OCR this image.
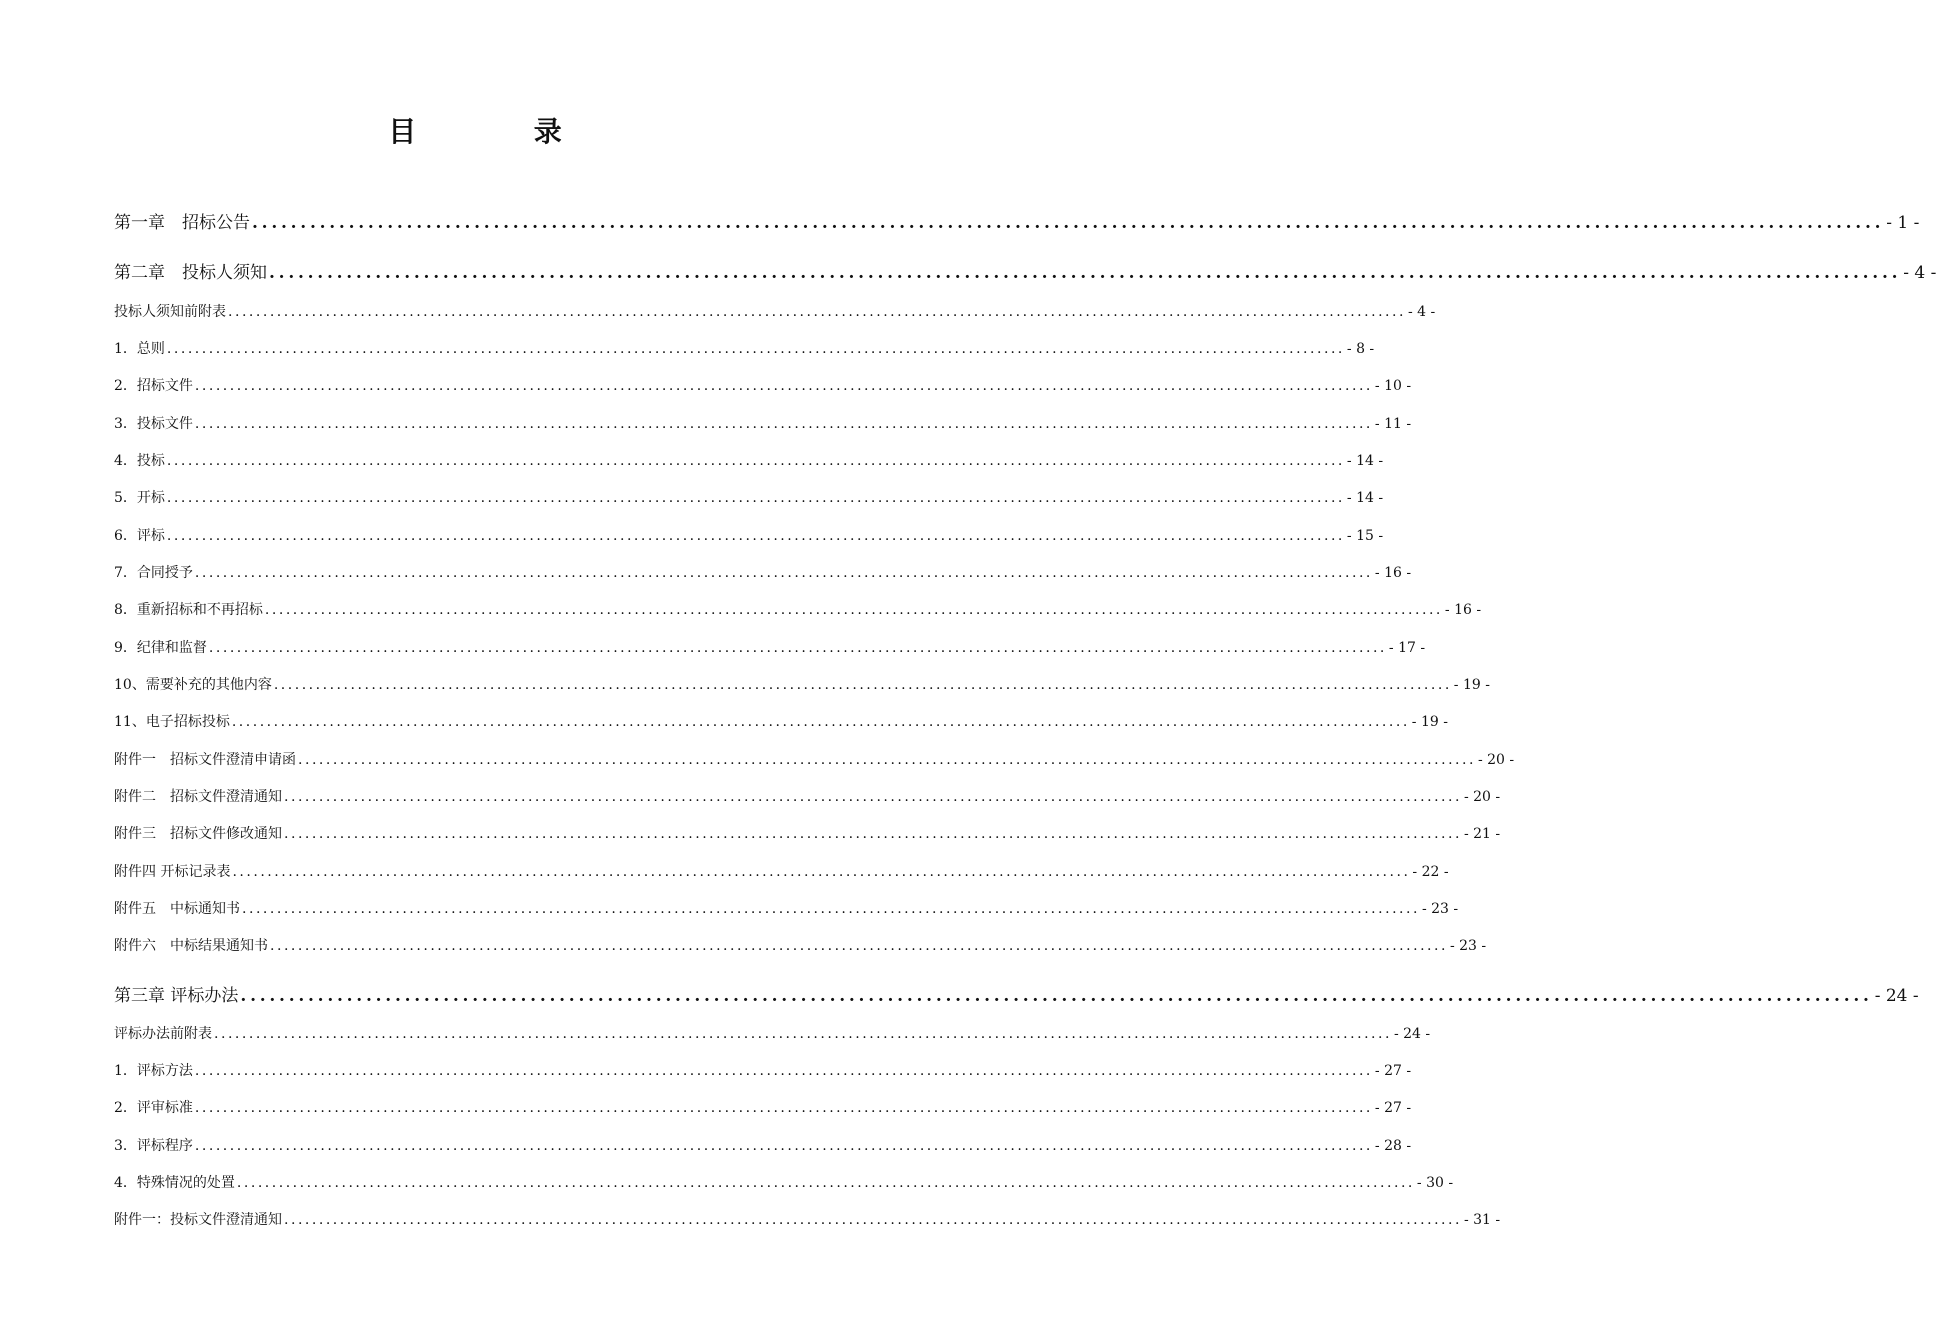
目　录
第一章　招标公告 ......................................................................................................................................................................... - 1 -
第二章　投标人须知 ......................................................................................................................................................................... - 4 -
投标人须知前附表 ......................................................................................................................................................................... - 4 -
1．总则 ......................................................................................................................................................................... - 8 -
2．招标文件 ......................................................................................................................................................................... - 10 -
3．投标文件 ......................................................................................................................................................................... - 11 -
4．投标 ......................................................................................................................................................................... - 14 -
5．开标 ......................................................................................................................................................................... - 14 -
6．评标 ......................................................................................................................................................................... - 15 -
7．合同授予 ......................................................................................................................................................................... - 16 -
8．重新招标和不再招标 ......................................................................................................................................................................... - 16 -
9．纪律和监督 ......................................................................................................................................................................... - 17 -
10、需要补充的其他内容 ......................................................................................................................................................................... - 19 -
11、电子招标投标 ......................................................................................................................................................................... - 19 -
附件一　招标文件澄清申请函 ......................................................................................................................................................................... - 20 -
附件二　招标文件澄清通知 ......................................................................................................................................................................... - 20 -
附件三　招标文件修改通知 ......................................................................................................................................................................... - 21 -
附件四 开标记录表 ......................................................................................................................................................................... - 22 -
附件五　中标通知书 ......................................................................................................................................................................... - 23 -
附件六　中标结果通知书 ......................................................................................................................................................................... - 23 -
第三章 评标办法 ......................................................................................................................................................................... - 24 -
评标办法前附表 ......................................................................................................................................................................... - 24 -
1．评标方法 ......................................................................................................................................................................... - 27 -
2．评审标准 ......................................................................................................................................................................... - 27 -
3．评标程序 ......................................................................................................................................................................... - 28 -
4．特殊情况的处置 ......................................................................................................................................................................... - 30 -
附件一：投标文件澄清通知 ......................................................................................................................................................................... - 31 -
